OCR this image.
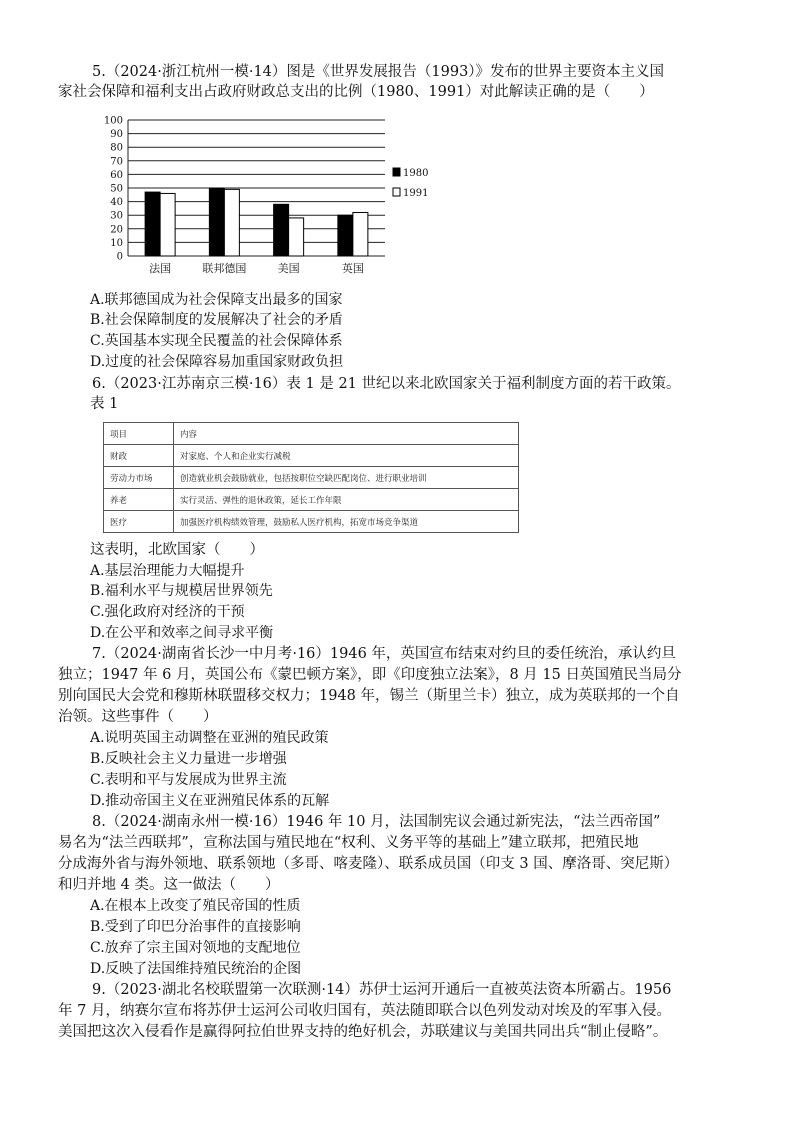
5.（2024·浙江杭州一模·14）图是《世界发展报告（1993）》发布的世界主要资本主义国
家社会保障和福利支出占政府财政总支出的比例（1980、1991）对此解读正确的是（　　）
0
10
20
30
40
50
60
70
80
90
100
法国	联邦德国	美国	英国
1980
1991
A.联邦德国成为社会保障支出最多的国家
B.社会保障制度的发展解决了社会的矛盾
C.英国基本实现全民覆盖的社会保障体系
D.过度的社会保障容易加重国家财政负担
6.（2023·江苏南京三模·16）表 1 是 21 世纪以来北欧国家关于福利制度方面的若干政策。
表 1
项目	内容
财政	对家庭、个人和企业实行减税
劳动力市场	创造就业机会鼓励就业，包括按职位空缺匹配岗位、进行职业培训
养老	实行灵活、弹性的退休政策，延长工作年限
医疗	加强医疗机构绩效管理，鼓励私人医疗机构，拓宽市场竞争渠道
这表明，北欧国家（　　）
A.基层治理能力大幅提升
B.福利水平与规模居世界领先
C.强化政府对经济的干预
D.在公平和效率之间寻求平衡
7.（2024·湖南省长沙一中月考·16）1946 年，英国宣布结束对约旦的委任统治，承认约旦
独立；1947 年 6 月，英国公布《蒙巴顿方案》，即《印度独立法案》，8 月 15 日英国殖民当局分
别向国民大会党和穆斯林联盟移交权力；1948 年，锡兰（斯里兰卡）独立，成为英联邦的一个自
治领。这些事件（　　）
A.说明英国主动调整在亚洲的殖民政策
B.反映社会主义力量进一步增强
C.表明和平与发展成为世界主流
D.推动帝国主义在亚洲殖民体系的瓦解
8.（2024·湖南永州一模·16）1946 年 10 月，法国制宪议会通过新宪法，“法兰西帝国”
易名为“法兰西联邦”，宣称法国与殖民地在“权利、义务平等的基础上”建立联邦，把殖民地
分成海外省与海外领地、联系领地（多哥、喀麦隆）、联系成员国（印支 3 国、摩洛哥、突尼斯）
和归并地 4 类。这一做法（　　）
A.在根本上改变了殖民帝国的性质
B.受到了印巴分治事件的直接影响
C.放弃了宗主国对领地的支配地位
D.反映了法国维持殖民统治的企图
9.（2023·湖北名校联盟第一次联测·14）苏伊士运河开通后一直被英法资本所霸占。1956
年 7 月，纳赛尔宣布将苏伊士运河公司收归国有，英法随即联合以色列发动对埃及的军事入侵。
美国把这次入侵看作是赢得阿拉伯世界支持的绝好机会，苏联建议与美国共同出兵“制止侵略”。
